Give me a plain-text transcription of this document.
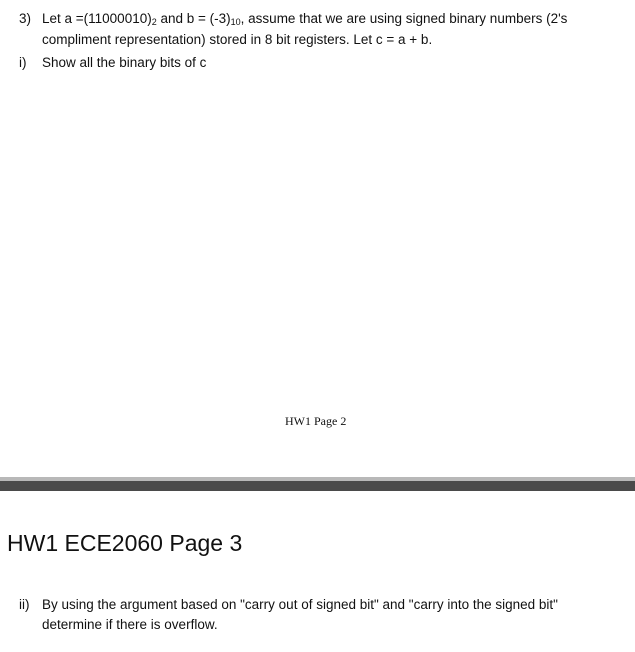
3) Let $a =(11000010)_2$ and $b = (-3)_{10}$, assume that we are using signed binary numbers (2's
compliment representation) stored in 8 bit registers. Let c = a + b.
i) Show all the binary bits of c
HW1 Page 2
HW1 ECE2060 Page 3
ii) By using the argument based on "carry out of signed bit" and "carry into the signed bit"
determine if there is overflow.
